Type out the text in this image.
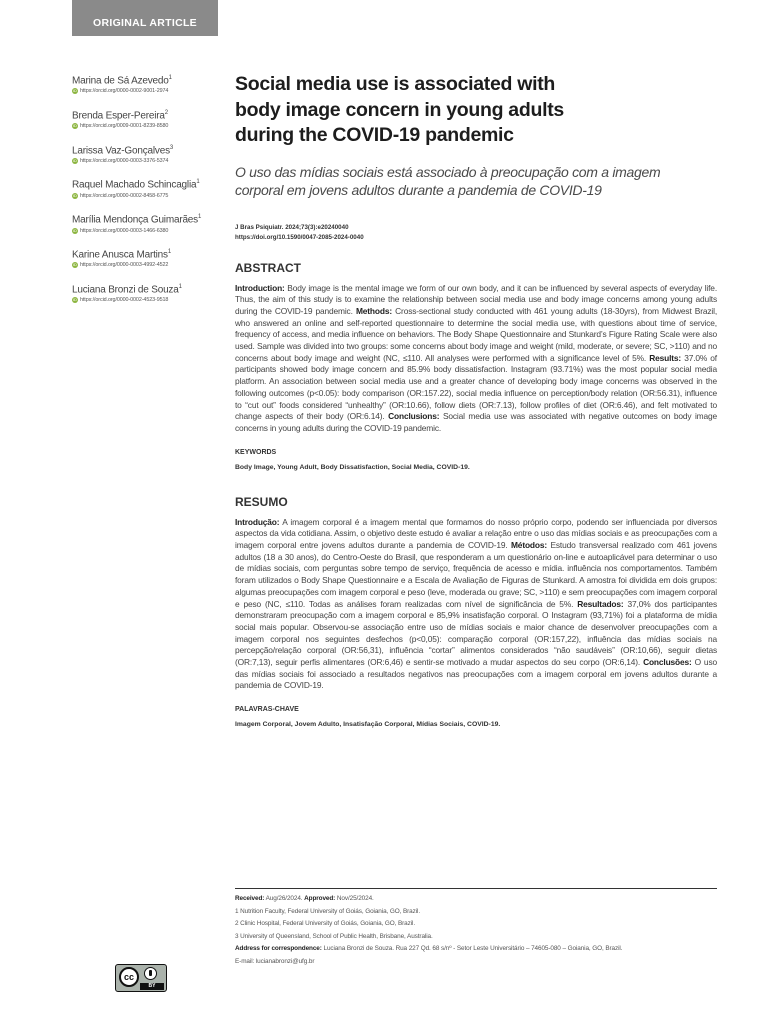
ORIGINAL ARTICLE
Marina de Sá Azevedo$^1$
iD https://orcid.org/0000-0002-9001-2974
Brenda Esper-Pereira$^2$
iD https://orcid.org/0009-0001-8239-8580
Larissa Vaz-Gonçalves$^3$
iD https://orcid.org/0000-0003-3376-5374
Raquel Machado Schincaglia$^1$
iD https://orcid.org/0000-0002-8458-6775
Marília Mendonça Guimarães$^1$
iD https://orcid.org/0000-0003-1466-6380
Karine Anusca Martins$^1$
iD https://orcid.org/0000-0003-4992-4522
Luciana Bronzi de Souza$^1$
iD https://orcid.org/0000-0002-4523-9518
Social media use is associated with
body image concern in young adults
during the COVID-19 pandemic
O uso das mídias sociais está associado à preocupação com a imagem
corporal em jovens adultos durante a pandemia de COVID-19
J Bras Psiquiatr. 2024;73(3):e20240040
https://doi.org/10.1590/0047-2085-2024-0040
ABSTRACT
Introduction: Body image is the mental image we form of our own body, and it can be influenced by several aspects of everyday life. Thus, the aim of this study is to examine the relationship between social media use and body image concerns among young adults during the COVID-19 pandemic. Methods: Cross-sectional study conducted with 461 young adults (18-30yrs), from Midwest Brazil, who answered an online and self-reported questionnaire to determine the social media use, with questions about time of service, frequency of access, and media influence on behaviors. The Body Shape Questionnaire and Stunkard’s Figure Rating Scale were also used. Sample was divided into two groups: some concerns about body image and weight (mild, moderate, or severe; SC, >110) and no concerns about body image and weight (NC, ≤110. All analyses were performed with a significance level of 5%. Results: 37.0% of participants showed body image concern and 85.9% body dissatisfaction. Instagram (93.71%) was the most popular social media platform. An association between social media use and a greater chance of developing body image concerns was observed in the following outcomes (p<0.05): body comparison (OR:157.22), social media influence on perception/body relation (OR:56.31), influence to “cut out” foods considered “unhealthy” (OR:10.66), follow diets (OR:7.13), follow profiles of diet (OR:6.46), and felt motivated to change aspects of their body (OR:6.14). Conclusions: Social media use was associated with negative outcomes on body image concerns in young adults during the COVID-19 pandemic.
KEYWORDS
Body Image, Young Adult, Body Dissatisfaction, Social Media, COVID-19.
RESUMO
Introdução: A imagem corporal é a imagem mental que formamos do nosso próprio corpo, podendo ser influenciada por diversos aspectos da vida cotidiana. Assim, o objetivo deste estudo é avaliar a relação entre o uso das mídias sociais e as preocupações com a imagem corporal entre jovens adultos durante a pandemia de COVID-19. Métodos: Estudo transversal realizado com 461 jovens adultos (18 a 30 anos), do Centro-Oeste do Brasil, que responderam a um questionário on-line e autoaplicável para determinar o uso de mídias sociais, com perguntas sobre tempo de serviço, frequência de acesso e mídia. influência nos comportamentos. Também foram utilizados o Body Shape Questionnaire e a Escala de Avaliação de Figuras de Stunkard. A amostra foi dividida em dois grupos: algumas preocupações com imagem corporal e peso (leve, moderada ou grave; SC, >110) e sem preocupações com imagem corporal e peso (NC, ≤110. Todas as análises foram realizadas com nível de significância de 5%. Resultados: 37,0% dos participantes demonstraram preocupação com a imagem corporal e 85,9% insatisfação corporal. O Instagram (93,71%) foi a plataforma de mídia social mais popular. Observou-se associação entre uso de mídias sociais e maior chance de desenvolver preocupações com a imagem corporal nos seguintes desfechos (p<0,05): comparação corporal (OR:157,22), influência das mídias sociais na percepção/relação corporal (OR:56,31), influência “cortar” alimentos considerados “não saudáveis” (OR:10,66), seguir dietas (OR:7,13), seguir perfis alimentares (OR:6,46) e sentir-se motivado a mudar aspectos do seu corpo (OR:6,14). Conclusões: O uso das mídias sociais foi associado a resultados negativos nas preocupações com a imagem corporal em jovens adultos durante a pandemia de COVID-19.
PALAVRAS-CHAVE
Imagem Corporal, Jovem Adulto, Insatisfação Corporal, Mídias Sociais, COVID-19.
Received: Aug/26/2024. Approved: Nov/25/2024.
1 Nutrition Faculty, Federal University of Goiás, Goiania, GO, Brazil.
2 Clinic Hospital, Federal University of Goiás, Goiania, GO, Brazil.
3 University of Queensland, School of Public Health, Brisbane, Australia.
Address for correspondence: Luciana Bronzi de Souza. Rua 227 Qd. 68 s/nº - Setor Leste Universitário – 74605-080 – Goiania, GO, Brazil.
E-mail: lucianabronzi@ufg.br
cc
BY
